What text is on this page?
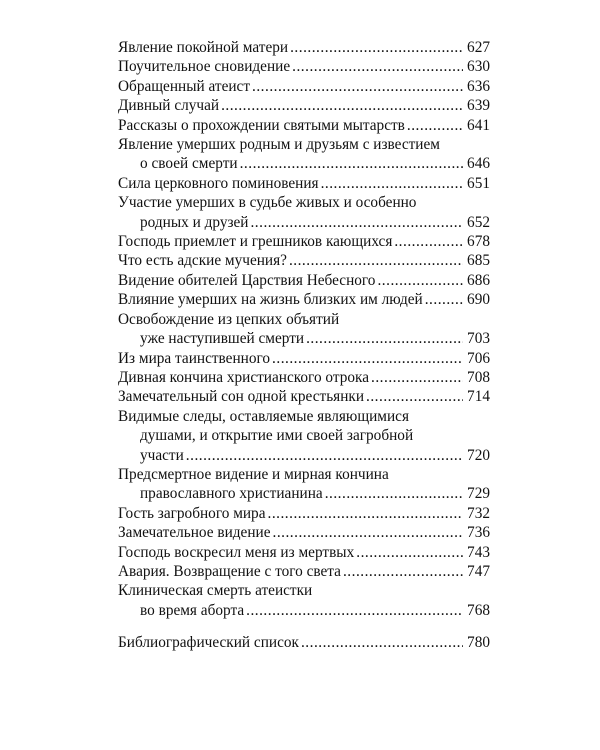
Явление покойной матери .....	627
Поучительное сновидение .....	630
Обращенный атеист .....	636
Дивный случай .....	639
Рассказы о прохождении святыми мытарств .....	641
Явление умерших родным и друзьям с известием
о своей смерти .....	646
Сила церковного поминовения .....	651
Участие умерших в судьбе живых и особенно
родных и друзей .....	652
Господь приемлет и грешников кающихся .....	678
Что есть адские мучения? .....	685
Видение обителей Царствия Небесного .....	686
Влияние умерших на жизнь близких им людей .....	690
Освобождение из цепких объятий
уже наступившей смерти .....	703
Из мира таинственного .....	706
Дивная кончина христианского отрока .....	708
Замечательный сон одной крестьянки .....	714
Видимые следы, оставляемые являющимися
душами, и открытие ими своей загробной
участи .....	720
Предсмертное видение и мирная кончина
православного христианина .....	729
Гость загробного мира .....	732
Замечательное видение .....	736
Господь воскресил меня из мертвых .....	743
Авария. Возвращение с того света .....	747
Клиническая смерть атеистки
во время аборта .....	768
Библиографический список .....	780
